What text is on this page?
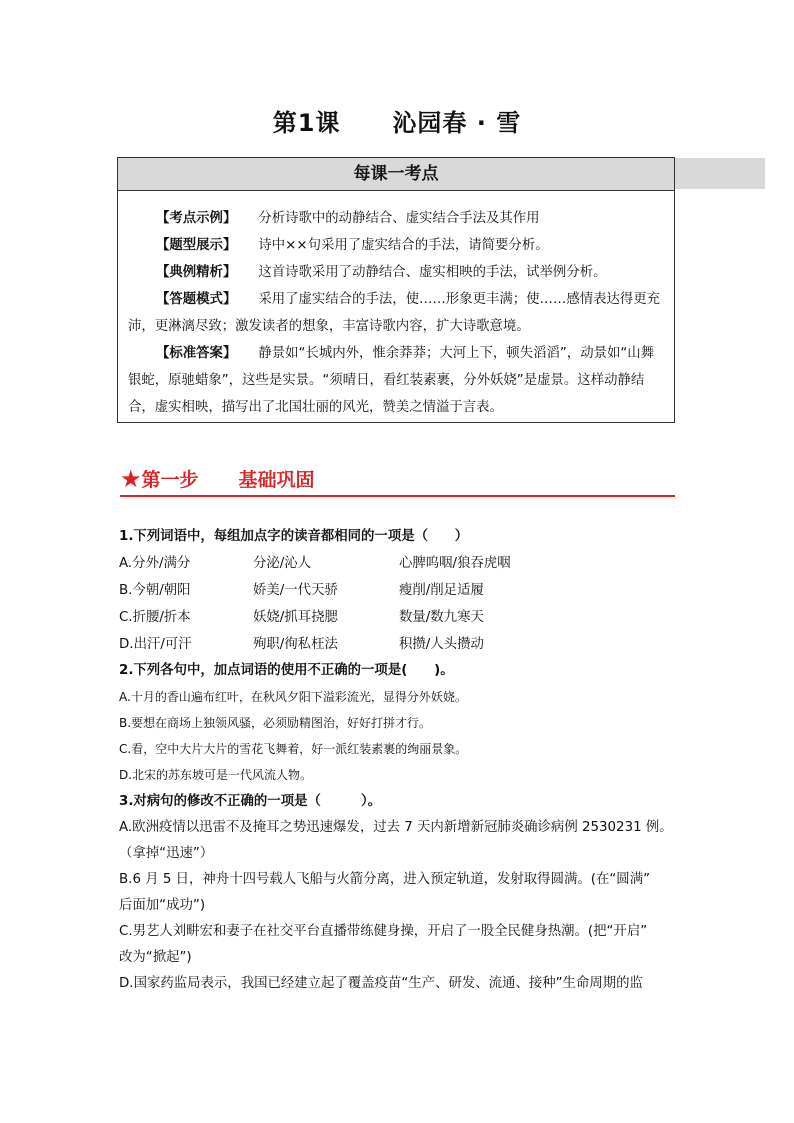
第1课 沁园春 · 雪
每课一考点

【考点示例】 分析诗歌中的动静结合、虚实结合手法及其作用

【题型展示】 诗中××句采用了虚实结合的手法，请简要分析。

【典例精析】 这首诗歌采用了动静结合、虚实相映的手法，试举例分析。

【答题模式】 采用了虚实结合的手法，使……形象更丰满；使……感情表达得更充沛，更淋漓尽致；激发读者的想象，丰富诗歌内容，扩大诗歌意境。

【标准答案】 静景如“长城内外，惟余莽莽；大河上下，顿失滔滔”，动景如“山舞银蛇，原驰蜡象”，这些是实景。“须晴日，看红装素裹，分外妖娆”是虚景。这样动静结合，虚实相映，描写出了北国壮丽的风光，赞美之情溢于言表。

★第一步 基础巩固
1.下列词语中，每组加点字的读音都相同的一项是（　　）
A.分外/满分	分泌/沁人	心脾呜咽/狼吞虎咽
B.今朝/朝阳	娇美/一代天骄	瘦削/削足适履
C.折腰/折本	妖娆/抓耳挠腮	数量/数九寒天
D.出汗/可汗	殉职/徇私枉法	积攒/人头攒动
2.下列各句中，加点词语的使用不正确的一项是(　　)。
A.十月的香山遍布红叶，在秋风夕阳下溢彩流光，显得分外妖娆。
B.要想在商场上独领风骚，必须励精图治，好好打拼才行。
C.看，空中大片大片的雪花飞舞着，好一派红装素裹的绚丽景象。
D.北宋的苏东坡可是一代风流人物。
3.对病句的修改不正确的一项是（　　　）。
A.欧洲疫情以迅雷不及掩耳之势迅速爆发，过去 7 天内新增新冠肺炎确诊病例 2530231 例。
（拿掉“迅速”）
B.6 月 5 日，神舟十四号载人飞船与火箭分离，进入预定轨道，发射取得圆满。(在“圆满”
后面加“成功”)
C.男艺人刘畊宏和妻子在社交平台直播带练健身操，开启了一股全民健身热潮。(把“开启”
改为“掀起”)
D.国家药监局表示，我国已经建立起了覆盖疫苗“生产、研发、流通、接种”生命周期的监
